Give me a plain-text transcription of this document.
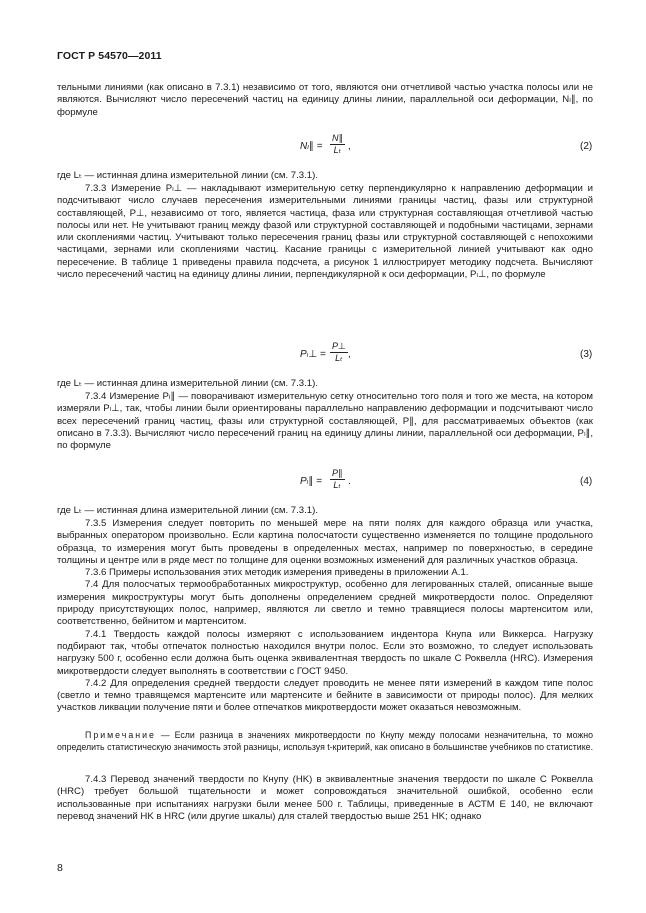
ГОСТ Р 54570—2011

тельными линиями (как описано в 7.3.1) независимо от того, являются они отчетливой частью участка полосы или не являются. Вычисляют число пересечений частиц на единицу длины линии, параллельной оси деформации, Nₗ∥, по формуле

Nₗ∥ = $\frac{N\parallel}{\text{Lₜ}}$ ,	(2)

где Lₜ — истинная длина измерительной линии (см. 7.3.1).

7.3.3 Измерение Pₗ⊥ — накладывают измерительную сетку перпендикулярно к направлению деформации и подсчитывают число случаев пересечения измерительными линиями границы частиц, фазы или структурной составляющей, P⊥, независимо от того, является частица, фаза или структурная составляющая отчетливой частью полосы или нет. Не учитывают границ между фазой или структурной составляющей и подобными частицами, зернами или скоплениями частиц. Учитывают только пересечения границ фазы или структурной составляющей с непохожими частицами, зернами или скоплениями частиц. Касание границы с измерительной линией учитывают как одно пересечение. В таблице 1 приведены правила подсчета, а рисунок 1 иллюстрирует методику подсчета. Вычисляют число пересечений частиц на единицу длины линии, перпендикулярной к оси деформации, Pₗ⊥, по формуле

Pₗ⊥ = $\frac{P\perp}{\text{Lₜ}}$ ,	(3)

где Lₜ — истинная длина измерительной линии (см. 7.3.1).

7.3.4 Измерение Pₗ∥ — поворачивают измерительную сетку относительно того поля и того же места, на котором измеряли Pₗ⊥, так, чтобы линии были ориентированы параллельно направлению деформации и подсчитывают число всех пересечений границ частиц, фазы или структурной составляющей, P∥, для рассматриваемых объектов (как описано в 7.3.3). Вычисляют число пересечений границ на единицу длины линии, параллельной оси деформации, Pₗ∥, по формуле

Pₗ∥ = $\frac{P\parallel}{\text{Lₜ}}$ .	(4)

где Lₜ — истинная длина измерительной линии (см. 7.3.1).

7.3.5 Измерения следует повторить по меньшей мере на пяти полях для каждого образца или участка, выбранных оператором произвольно. Если картина полосчатости существенно изменяется по толщине продольного образца, то измерения могут быть проведены в определенных местах, например по поверхностью, в середине толщины и центре или в ряде мест по толщине для оценки возможных изменений для различных участков образца.

7.3.6 Примеры использования этих методик измерения приведены в приложении А.1.

7.4 Для полосчатых термообработанных микроструктур, особенно для легированных сталей, описанные выше измерения микроструктуры могут быть дополнены определением средней микротвердости полос. Определяют природу присутствующих полос, например, являются ли светло и темно травящиеся полосы мартенситом или, соответственно, бейнитом и мартенситом.

7.4.1 Твердость каждой полосы измеряют с использованием индентора Кнупа или Виккерса. Нагрузку подбирают так, чтобы отпечаток полностью находился внутри полос. Если это возможно, то следует использовать нагрузку 500 г, особенно если должна быть оценка эквивалентная твердость по шкале С Роквелла (HRC). Измерения микротвердости следует выполнять в соответствии с ГОСТ 9450.

7.4.2 Для определения средней твердости следует проводить не менее пяти измерений в каждом типе полос (светло и темно травящемся мартенсите или мартенсите и бейните в зависимости от природы полос). Для мелких участков ликвации получение пяти и более отпечатков микротвердости может оказаться невозможным.

Примечание — Если разница в значениях микротвердости по Кнупу между полосами незначительна, то можно определить статистическую значимость этой разницы, используя t-критерий, как описано в большинстве учебников по статистике.

7.4.3 Перевод значений твердости по Кнупу (HK) в эквивалентные значения твердости по шкале С Роквелла (HRC) требует большой тщательности и может сопровождаться значительной ошибкой, особенно если использованные при испытаниях нагрузки были менее 500 г. Таблицы, приведенные в АСТМ Е 140, не включают перевод значений HK в HRC (или другие шкалы) для сталей твердостью выше 251 HK; однако

8
